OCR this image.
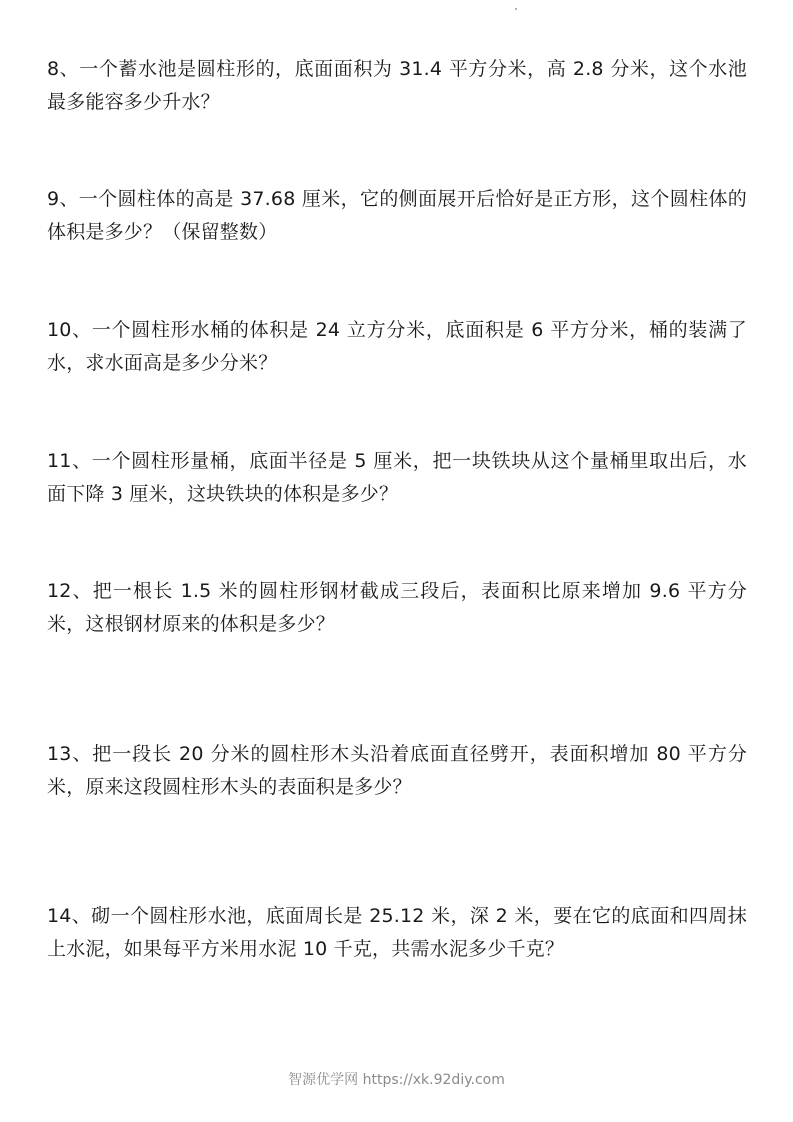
8、一个蓄水池是圆柱形的，底面面积为 31.4 平方分米，高 2.8 分米，这个水池最多能容多少升水？

9、一个圆柱体的高是 37.68 厘米，它的侧面展开后恰好是正方形，这个圆柱体的体积是多少？（保留整数）

10、一个圆柱形水桶的体积是 24 立方分米，底面积是 6 平方分米，桶的装满了水，求水面高是多少分米？

11、一个圆柱形量桶，底面半径是 5 厘米，把一块铁块从这个量桶里取出后，水面下降 3 厘米，这块铁块的体积是多少？

12、把一根长 1.5 米的圆柱形钢材截成三段后，表面积比原来增加 9.6 平方分米，这根钢材原来的体积是多少？

13、把一段长 20 分米的圆柱形木头沿着底面直径劈开，表面积增加 80 平方分米，原来这段圆柱形木头的表面积是多少？

14、砌一个圆柱形水池，底面周长是 25.12 米，深 2 米，要在它的底面和四周抹上水泥，如果每平方米用水泥 10 千克，共需水泥多少千克？

智源优学网 https://xk.92diy.com
